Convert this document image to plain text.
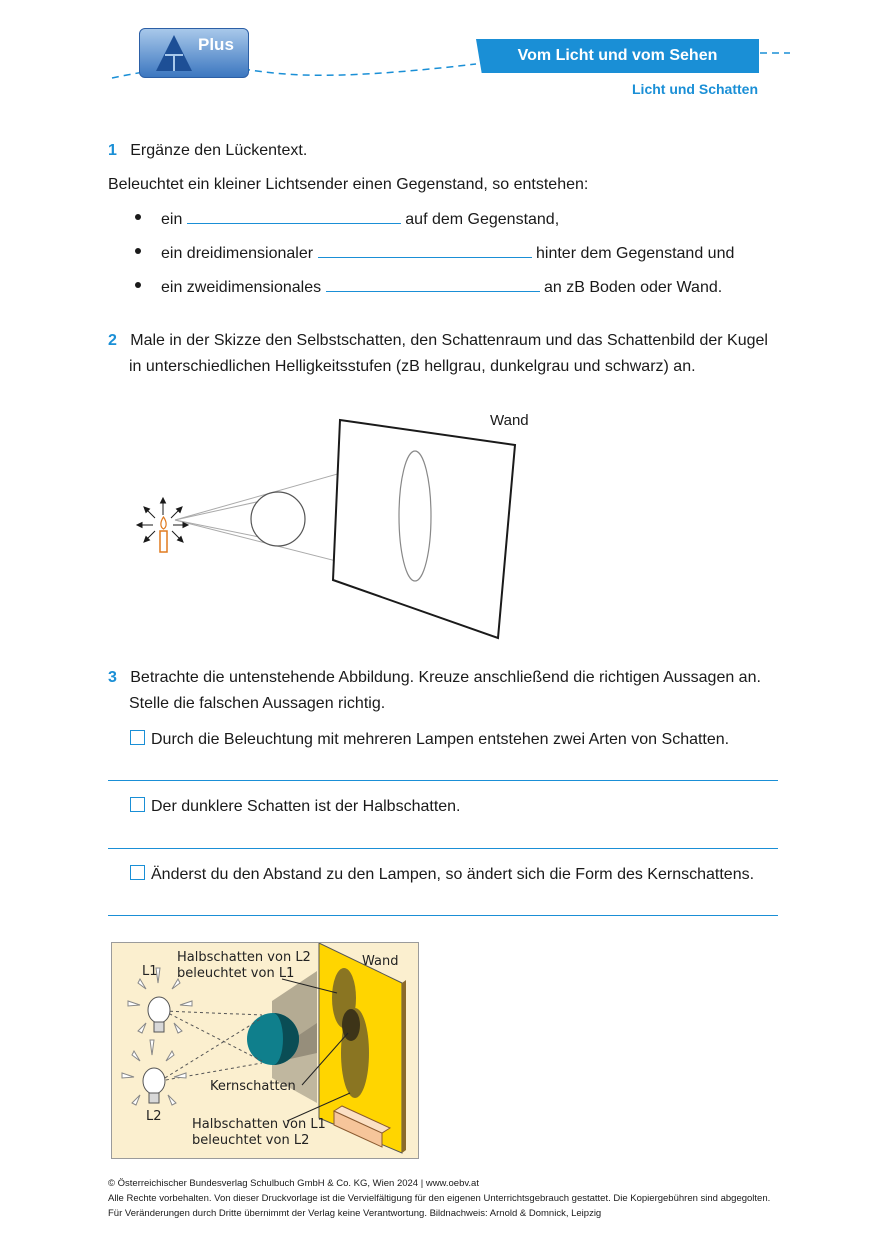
Plus
Vom Licht und vom Sehen
Licht und Schatten
1 Ergänze den Lückentext.
Beleuchtet ein kleiner Lichtsender einen Gegenstand, so entstehen:
ein	auf dem Gegenstand,
ein dreidimensionaler	hinter dem Gegenstand und
ein zweidimensionales	an zB Boden oder Wand.
2 Male in der Skizze den Selbstschatten, den Schattenraum und das Schattenbild der Kugel
in unterschiedlichen Helligkeitsstufen (zB hellgrau, dunkelgrau und schwarz) an.
Wand
3 Betrachte die untenstehende Abbildung. Kreuze anschließend die richtigen Aussagen an.
Stelle die falschen Aussagen richtig.
Durch die Beleuchtung mit mehreren Lampen entstehen zwei Arten von Schatten.
Der dunklere Schatten ist der Halbschatten.
Änderst du den Abstand zu den Lampen, so ändert sich die Form des Kernschattens.
Halbschatten von L2
beleuchtet von L1
Wand
L1
L2
Kernschatten
Halbschatten von L1
beleuchtet von L2
© Österreichischer Bundesverlag Schulbuch GmbH & Co. KG, Wien 2024 | www.oebv.at
Alle Rechte vorbehalten. Von dieser Druckvorlage ist die Vervielfältigung für den eigenen Unterrichtsgebrauch gestattet. Die Kopiergebühren sind abgegolten.
Für Veränderungen durch Dritte übernimmt der Verlag keine Verantwortung. Bildnachweis: Arnold & Domnick, Leipzig
